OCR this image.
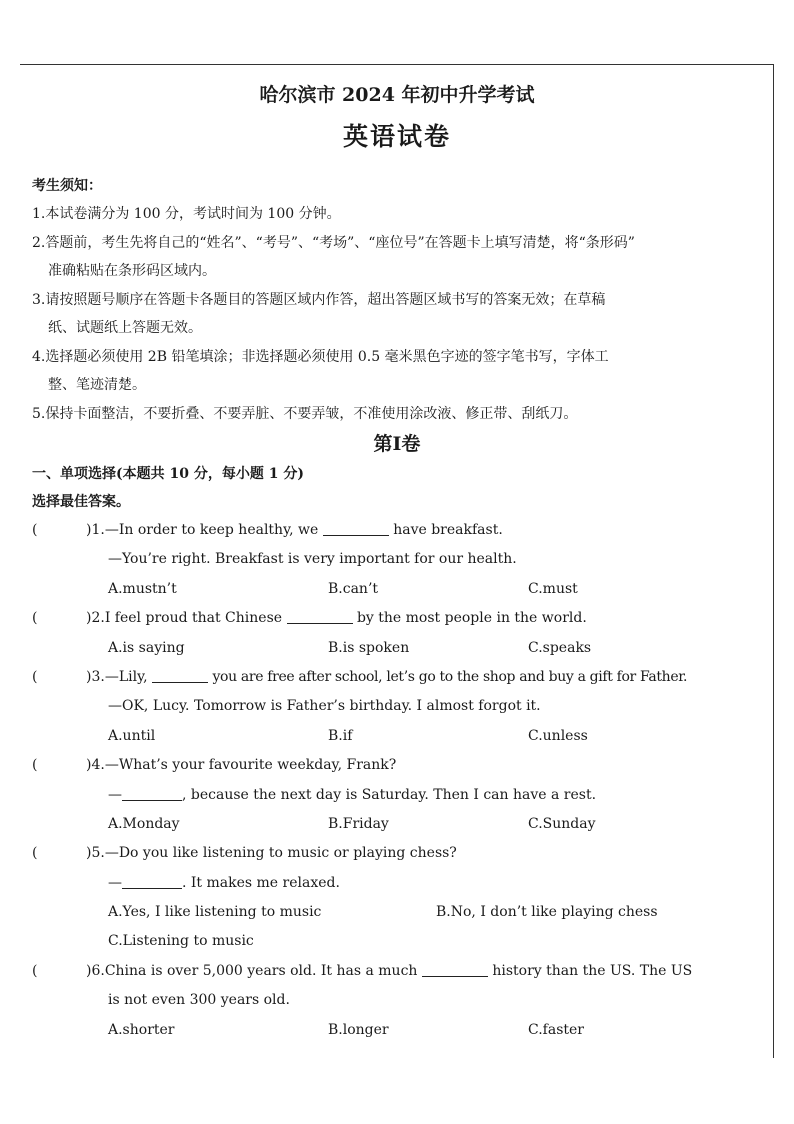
哈尔滨市 2024 年初中升学考试
英语试卷
考生须知：
1.本试卷满分为 100 分，考试时间为 100 分钟。
2.答题前，考生先将自己的“姓名”、“考号”、“考场”、“座位号”在答题卡上填写清楚，将“条形码”
准确粘贴在条形码区域内。
3.请按照题号顺序在答题卡各题目的答题区域内作答，超出答题区域书写的答案无效；在草稿
纸、试题纸上答题无效。
4.选择题必须使用 2B 铅笔填涂；非选择题必须使用 0.5 毫米黑色字迹的签字笔书写，字体工
整、笔迹清楚。
5.保持卡面整洁，不要折叠、不要弄脏、不要弄皱，不准使用涂改液、修正带、刮纸刀。
第Ⅰ卷
一、单项选择(本题共 10 分，每小题 1 分)
选择最佳答案。
(	)1.—In order to keep healthy, we	have breakfast.
—You’re right. Breakfast is very important for our health.
A.mustn’t	B.can’t	C.must
(	)2.I feel proud that Chinese	by the most people in the world.
A.is saying	B.is spoken	C.speaks
(	)3.—Lily,	you are free after school, let’s go to the shop and buy a gift for Father.
—OK, Lucy. Tomorrow is Father’s birthday. I almost forgot it.
A.until	B.if	C.unless
(	)4.—What’s your favourite weekday, Frank?
—	, because the next day is Saturday. Then I can have a rest.
A.Monday	B.Friday	C.Sunday
(	)5.—Do you like listening to music or playing chess?
—	. It makes me relaxed.
A.Yes, I like listening to music	B.No, I don’t like playing chess
C.Listening to music
(	)6.China is over 5,000 years old. It has a much	history than the US. The US
is not even 300 years old.
A.shorter	B.longer	C.faster
